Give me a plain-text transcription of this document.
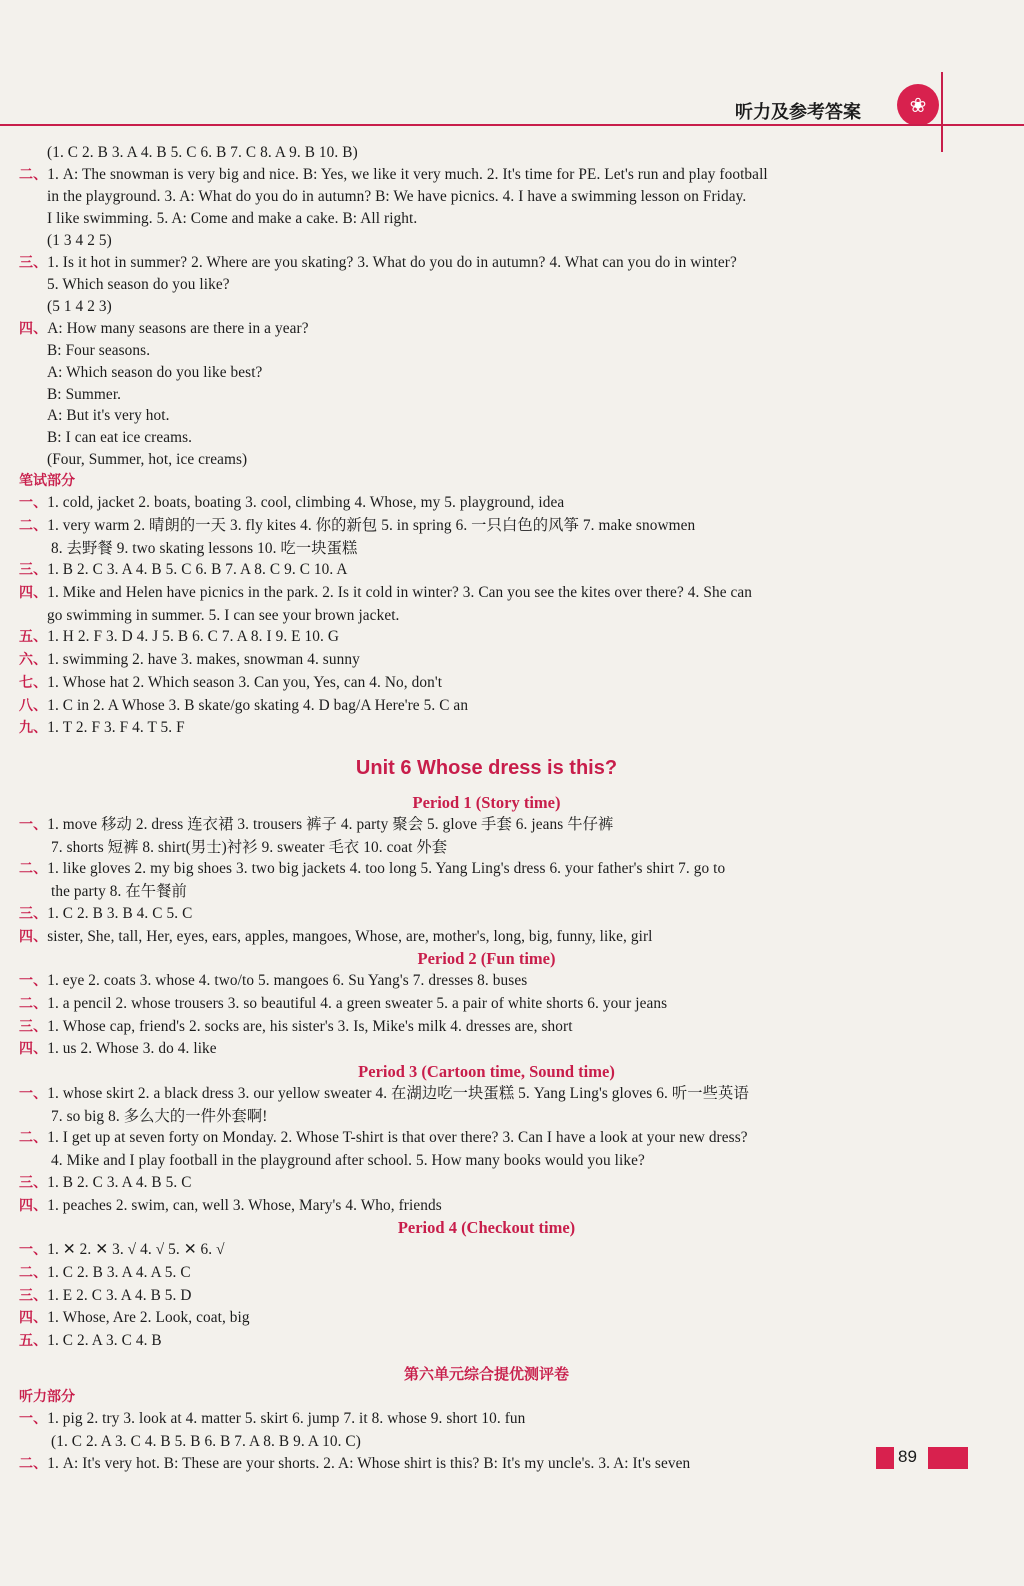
听力及参考答案	❀
(1. C 2. B 3. A 4. B 5. C 6. B 7. C 8. A 9. B 10. B)
二、1. A: The snowman is very big and nice. B: Yes, we like it very much. 2. It's time for PE. Let's run and play football
in the playground. 3. A: What do you do in autumn? B: We have picnics. 4. I have a swimming lesson on Friday.
I like swimming. 5. A: Come and make a cake. B: All right.
(1 3 4 2 5)
三、1. Is it hot in summer? 2. Where are you skating? 3. What do you do in autumn? 4. What can you do in winter?
5. Which season do you like?
(5 1 4 2 3)
四、A: How many seasons are there in a year?
B: Four seasons.
A: Which season do you like best?
B: Summer.
A: But it's very hot.
B: I can eat ice creams.
(Four, Summer, hot, ice creams)
笔试部分
一、1. cold, jacket 2. boats, boating 3. cool, climbing 4. Whose, my 5. playground, idea
二、1. very warm 2. 晴朗的一天 3. fly kites 4. 你的新包 5. in spring 6. 一只白色的风筝 7. make snowmen
8. 去野餐 9. two skating lessons 10. 吃一块蛋糕
三、1. B 2. C 3. A 4. B 5. C 6. B 7. A 8. C 9. C 10. A
四、1. Mike and Helen have picnics in the park. 2. Is it cold in winter? 3. Can you see the kites over there? 4. She can
go swimming in summer. 5. I can see your brown jacket.
五、1. H 2. F 3. D 4. J 5. B 6. C 7. A 8. I 9. E 10. G
六、1. swimming 2. have 3. makes, snowman 4. sunny
七、1. Whose hat 2. Which season 3. Can you, Yes, can 4. No, don't
八、1. C in 2. A Whose 3. B skate/go skating 4. D bag/A Here're 5. C an
九、1. T 2. F 3. F 4. T 5. F
Unit 6 Whose dress is this?
Period 1 (Story time)
一、1. move 移动 2. dress 连衣裙 3. trousers 裤子 4. party 聚会 5. glove 手套 6. jeans 牛仔裤
7. shorts 短裤 8. shirt(男士)衬衫 9. sweater 毛衣 10. coat 外套
二、1. like gloves 2. my big shoes 3. two big jackets 4. too long 5. Yang Ling's dress 6. your father's shirt 7. go to
the party 8. 在午餐前
三、1. C 2. B 3. B 4. C 5. C
四、sister, She, tall, Her, eyes, ears, apples, mangoes, Whose, are, mother's, long, big, funny, like, girl
Period 2 (Fun time)
一、1. eye 2. coats 3. whose 4. two/to 5. mangoes 6. Su Yang's 7. dresses 8. buses
二、1. a pencil 2. whose trousers 3. so beautiful 4. a green sweater 5. a pair of white shorts 6. your jeans
三、1. Whose cap, friend's 2. socks are, his sister's 3. Is, Mike's milk 4. dresses are, short
四、1. us 2. Whose 3. do 4. like
Period 3 (Cartoon time, Sound time)
一、1. whose skirt 2. a black dress 3. our yellow sweater 4. 在湖边吃一块蛋糕 5. Yang Ling's gloves 6. 听一些英语
7. so big 8. 多么大的一件外套啊!
二、1. I get up at seven forty on Monday. 2. Whose T-shirt is that over there? 3. Can I have a look at your new dress?
4. Mike and I play football in the playground after school. 5. How many books would you like?
三、1. B 2. C 3. A 4. B 5. C
四、1. peaches 2. swim, can, well 3. Whose, Mary's 4. Who, friends
Period 4 (Checkout time)
一、1. ✕ 2. ✕ 3. √ 4. √ 5. ✕ 6. √
二、1. C 2. B 3. A 4. A 5. C
三、1. E 2. C 3. A 4. B 5. D
四、1. Whose, Are 2. Look, coat, big
五、1. C 2. A 3. C 4. B
第六单元综合提优测评卷
听力部分
一、1. pig 2. try 3. look at 4. matter 5. skirt 6. jump 7. it 8. whose 9. short 10. fun
(1. C 2. A 3. C 4. B 5. B 6. B 7. A 8. B 9. A 10. C)
二、1. A: It's very hot. B: These are your shorts. 2. A: Whose shirt is this? B: It's my uncle's. 3. A: It's seven	89
